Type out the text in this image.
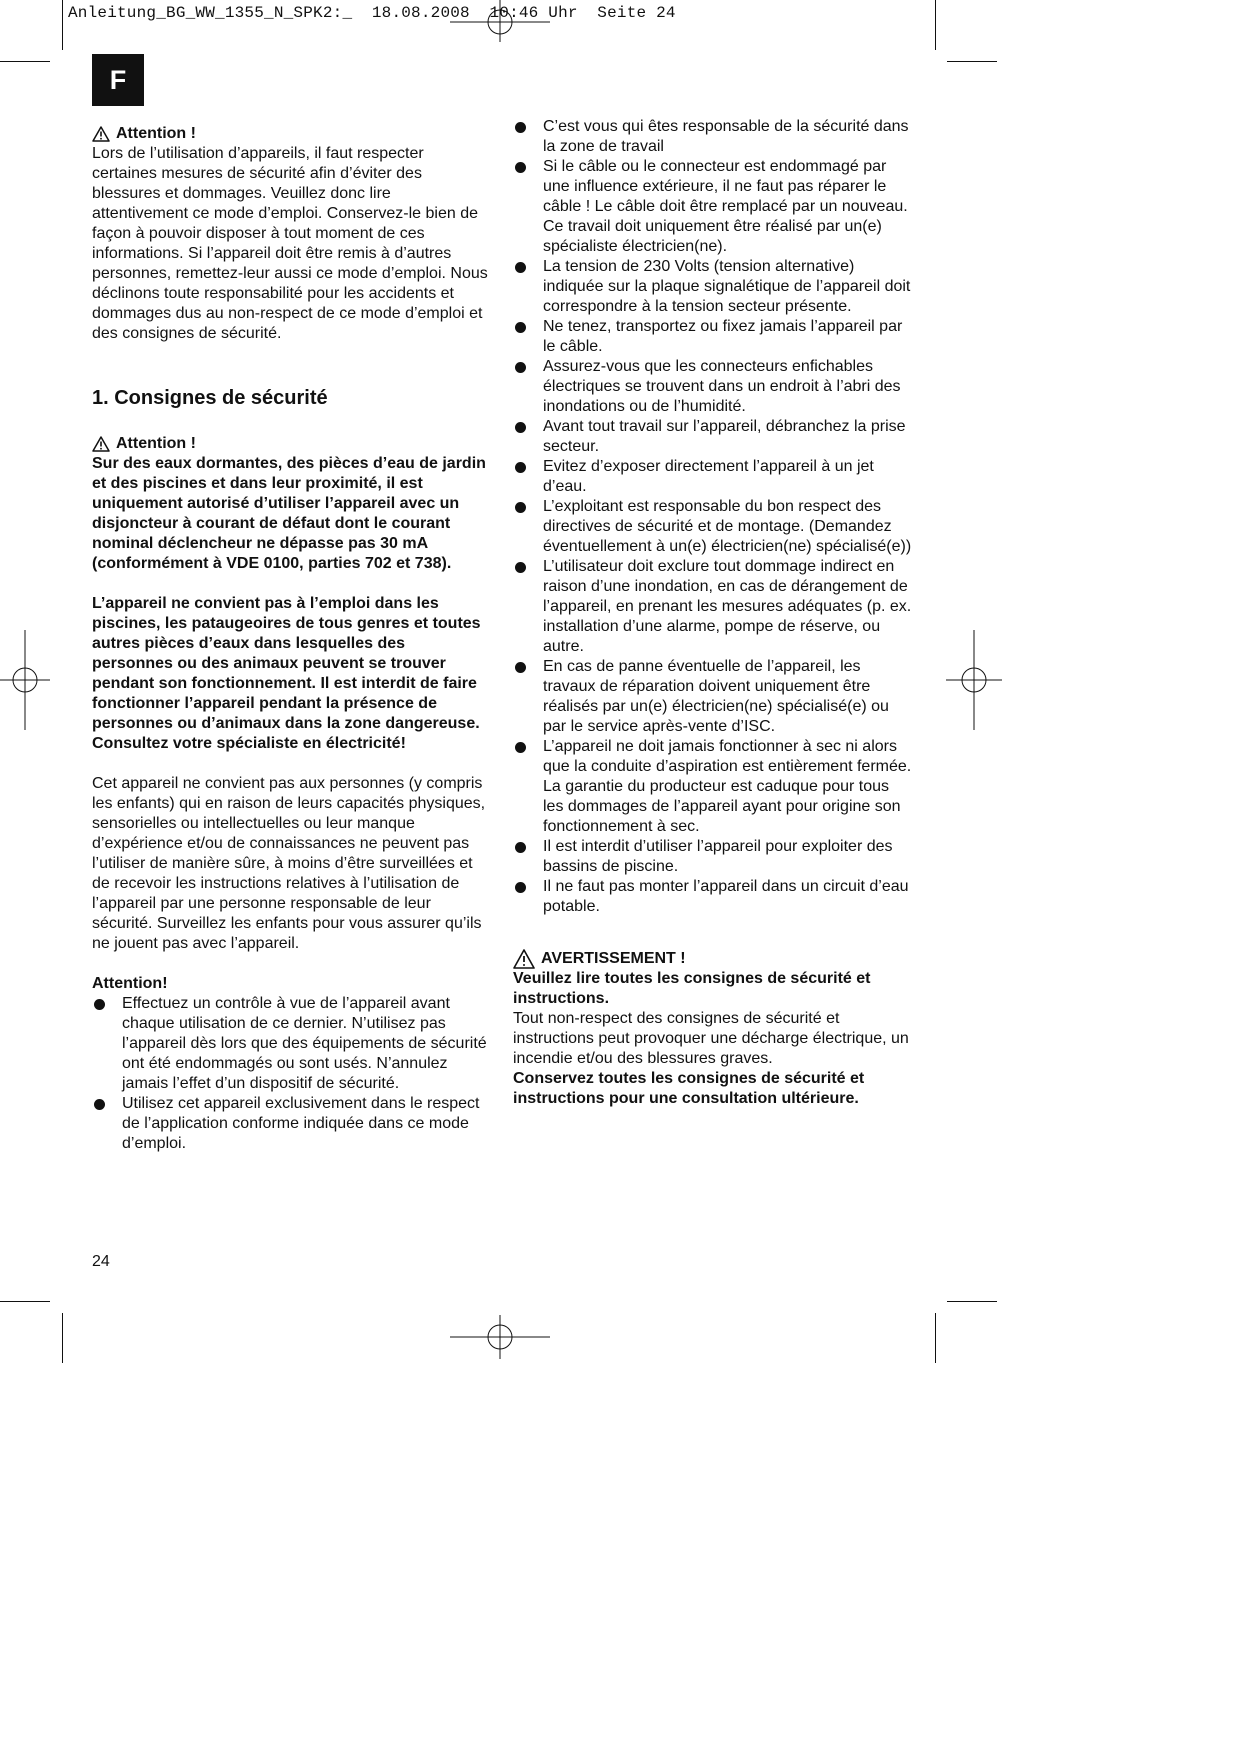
Anleitung_BG_WW_1355_N_SPK2:_  18.08.2008  10:46 Uhr  Seite 24
F
Attention !

Lors de l’utilisation d’appareils, il faut respecter certaines mesures de sécurité afin d’éviter des blessures et dommages. Veuillez donc lire attentivement ce mode d’emploi. Conservez-le bien de façon à pouvoir disposer à tout moment de ces informations. Si l’appareil doit être remis à d’autres personnes, remettez-leur aussi ce mode d’emploi. Nous déclinons toute responsabilité pour les accidents et dommages dus au non-respect de ce mode d’emploi et des consignes de sécurité.

1. Consignes de sécurité
Attention !

Sur des eaux dormantes, des pièces d’eau de jardin et des piscines et dans leur proximité, il est uniquement autorisé d’utiliser l’appareil avec un disjoncteur à courant de défaut dont le courant nominal déclencheur ne dépasse pas 30 mA (conformément à VDE 0100, parties 702 et 738).

L’appareil ne convient pas à l’emploi dans les piscines, les pataugeoires de tous genres et toutes autres pièces d’eaux dans lesquelles des personnes ou des animaux peuvent se trouver pendant son fonctionnement. Il est interdit de faire fonctionner l’appareil pendant la présence de personnes ou d’animaux dans la zone dangereuse. Consultez votre spécialiste en électricité!

Cet appareil ne convient pas aux personnes (y compris les enfants) qui en raison de leurs capacités physiques, sensorielles ou intellectuelles ou leur manque d’expérience et/ou de connaissances ne peuvent pas l’utiliser de manière sûre, à moins d’être surveillées et de recevoir les instructions relatives à l’utilisation de l’appareil par une personne responsable de leur sécurité. Surveillez les enfants pour vous assurer qu’ils ne jouent pas avec l’appareil.

Attention!

Effectuez un contrôle à vue de l’appareil avant chaque utilisation de ce dernier. N’utilisez pas l’appareil dès lors que des équipements de sécurité ont été endommagés ou sont usés. N’annulez jamais l’effet d’un dispositif de sécurité.
Utilisez cet appareil exclusivement dans le respect de l’application conforme indiquée dans ce mode d’emploi.
C’est vous qui êtes responsable de la sécurité dans la zone de travail
Si le câble ou le connecteur est endommagé par une influence extérieure, il ne faut pas réparer le câble ! Le câble doit être remplacé par un nouveau. Ce travail doit uniquement être réalisé par un(e) spécialiste électricien(ne).
La tension de 230 Volts (tension alternative) indiquée sur la plaque signalétique de l’appareil doit correspondre à la tension secteur présente.
Ne tenez, transportez ou fixez jamais l’appareil par le câble.
Assurez-vous que les connecteurs enfichables électriques se trouvent dans un endroit à l’abri des inondations ou de l’humidité.
Avant tout travail sur l’appareil, débranchez la prise secteur.
Evitez d’exposer directement l’appareil à un jet d’eau.
L’exploitant est responsable du bon respect des directives de sécurité et de montage. (Demandez éventuellement à un(e) électricien(ne) spécialisé(e))
L’utilisateur doit exclure tout dommage indirect en raison d’une inondation, en cas de dérangement de l’appareil, en prenant les mesures adéquates (p. ex. installation d’une alarme, pompe de réserve, ou autre.
En cas de panne éventuelle de l’appareil, les travaux de réparation doivent uniquement être réalisés par un(e) électricien(ne) spécialisé(e) ou par le service après-vente d’ISC.
L’appareil ne doit jamais fonctionner à sec ni alors que la conduite d’aspiration est entièrement fermée. La garantie du producteur est caduque pour tous les dommages de l’appareil ayant pour origine son fonctionnement à sec.
Il est interdit d’utiliser l’appareil pour exploiter des bassins de piscine.
Il ne faut pas monter l’appareil dans un circuit d’eau potable.
AVERTISSEMENT !

Veuillez lire toutes les consignes de sécurité et instructions.

Tout non-respect des consignes de sécurité et instructions peut provoquer une décharge électrique, un incendie et/ou des blessures graves.

Conservez toutes les consignes de sécurité et instructions pour une consultation ultérieure.

24
